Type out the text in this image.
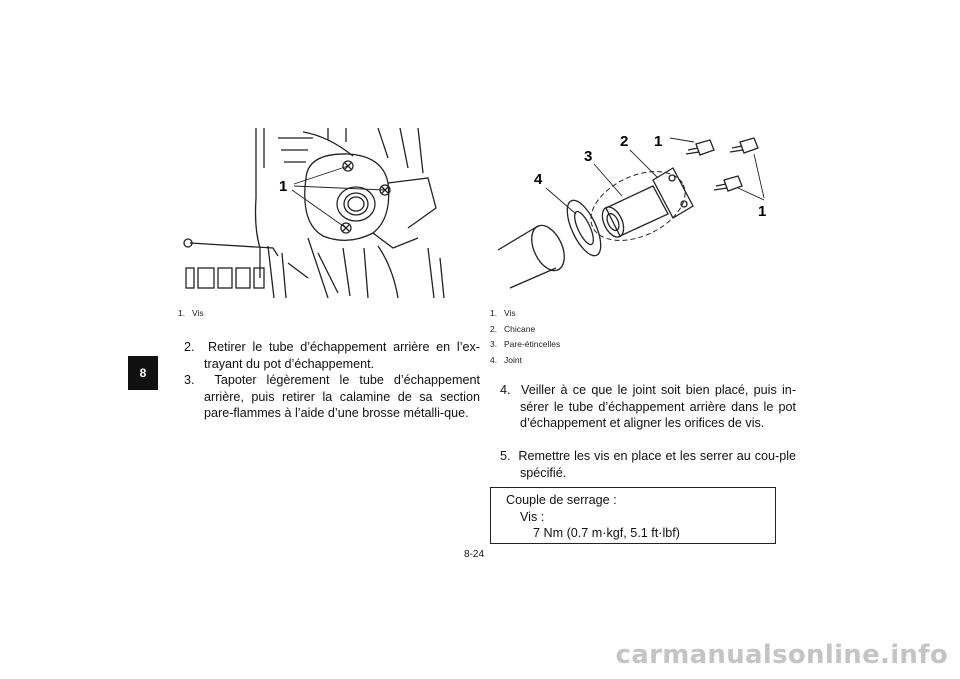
8
1
1. Vis
1
2
3
4
1
1. Vis
2. Chicane
3. Pare-étincelles
4. Joint
2. Retirer le tube d’échappement arrière en l’ex-trayant du pot d’échappement.
3. Tapoter légèrement le tube d’échappement arrière, puis retirer la calamine de sa section pare-flammes à l’aide d’une brosse métalli-que.
4. Veiller à ce que le joint soit bien placé, puis in-sérer le tube d’échappement arrière dans le pot d’échappement et aligner les orifices de vis.
5. Remettre les vis en place et les serrer au cou-ple spécifié.
Couple de serrage :
Vis :
7 Nm (0.7 m·kgf, 5.1 ft·lbf)
8-24
carmanualsonline.info
